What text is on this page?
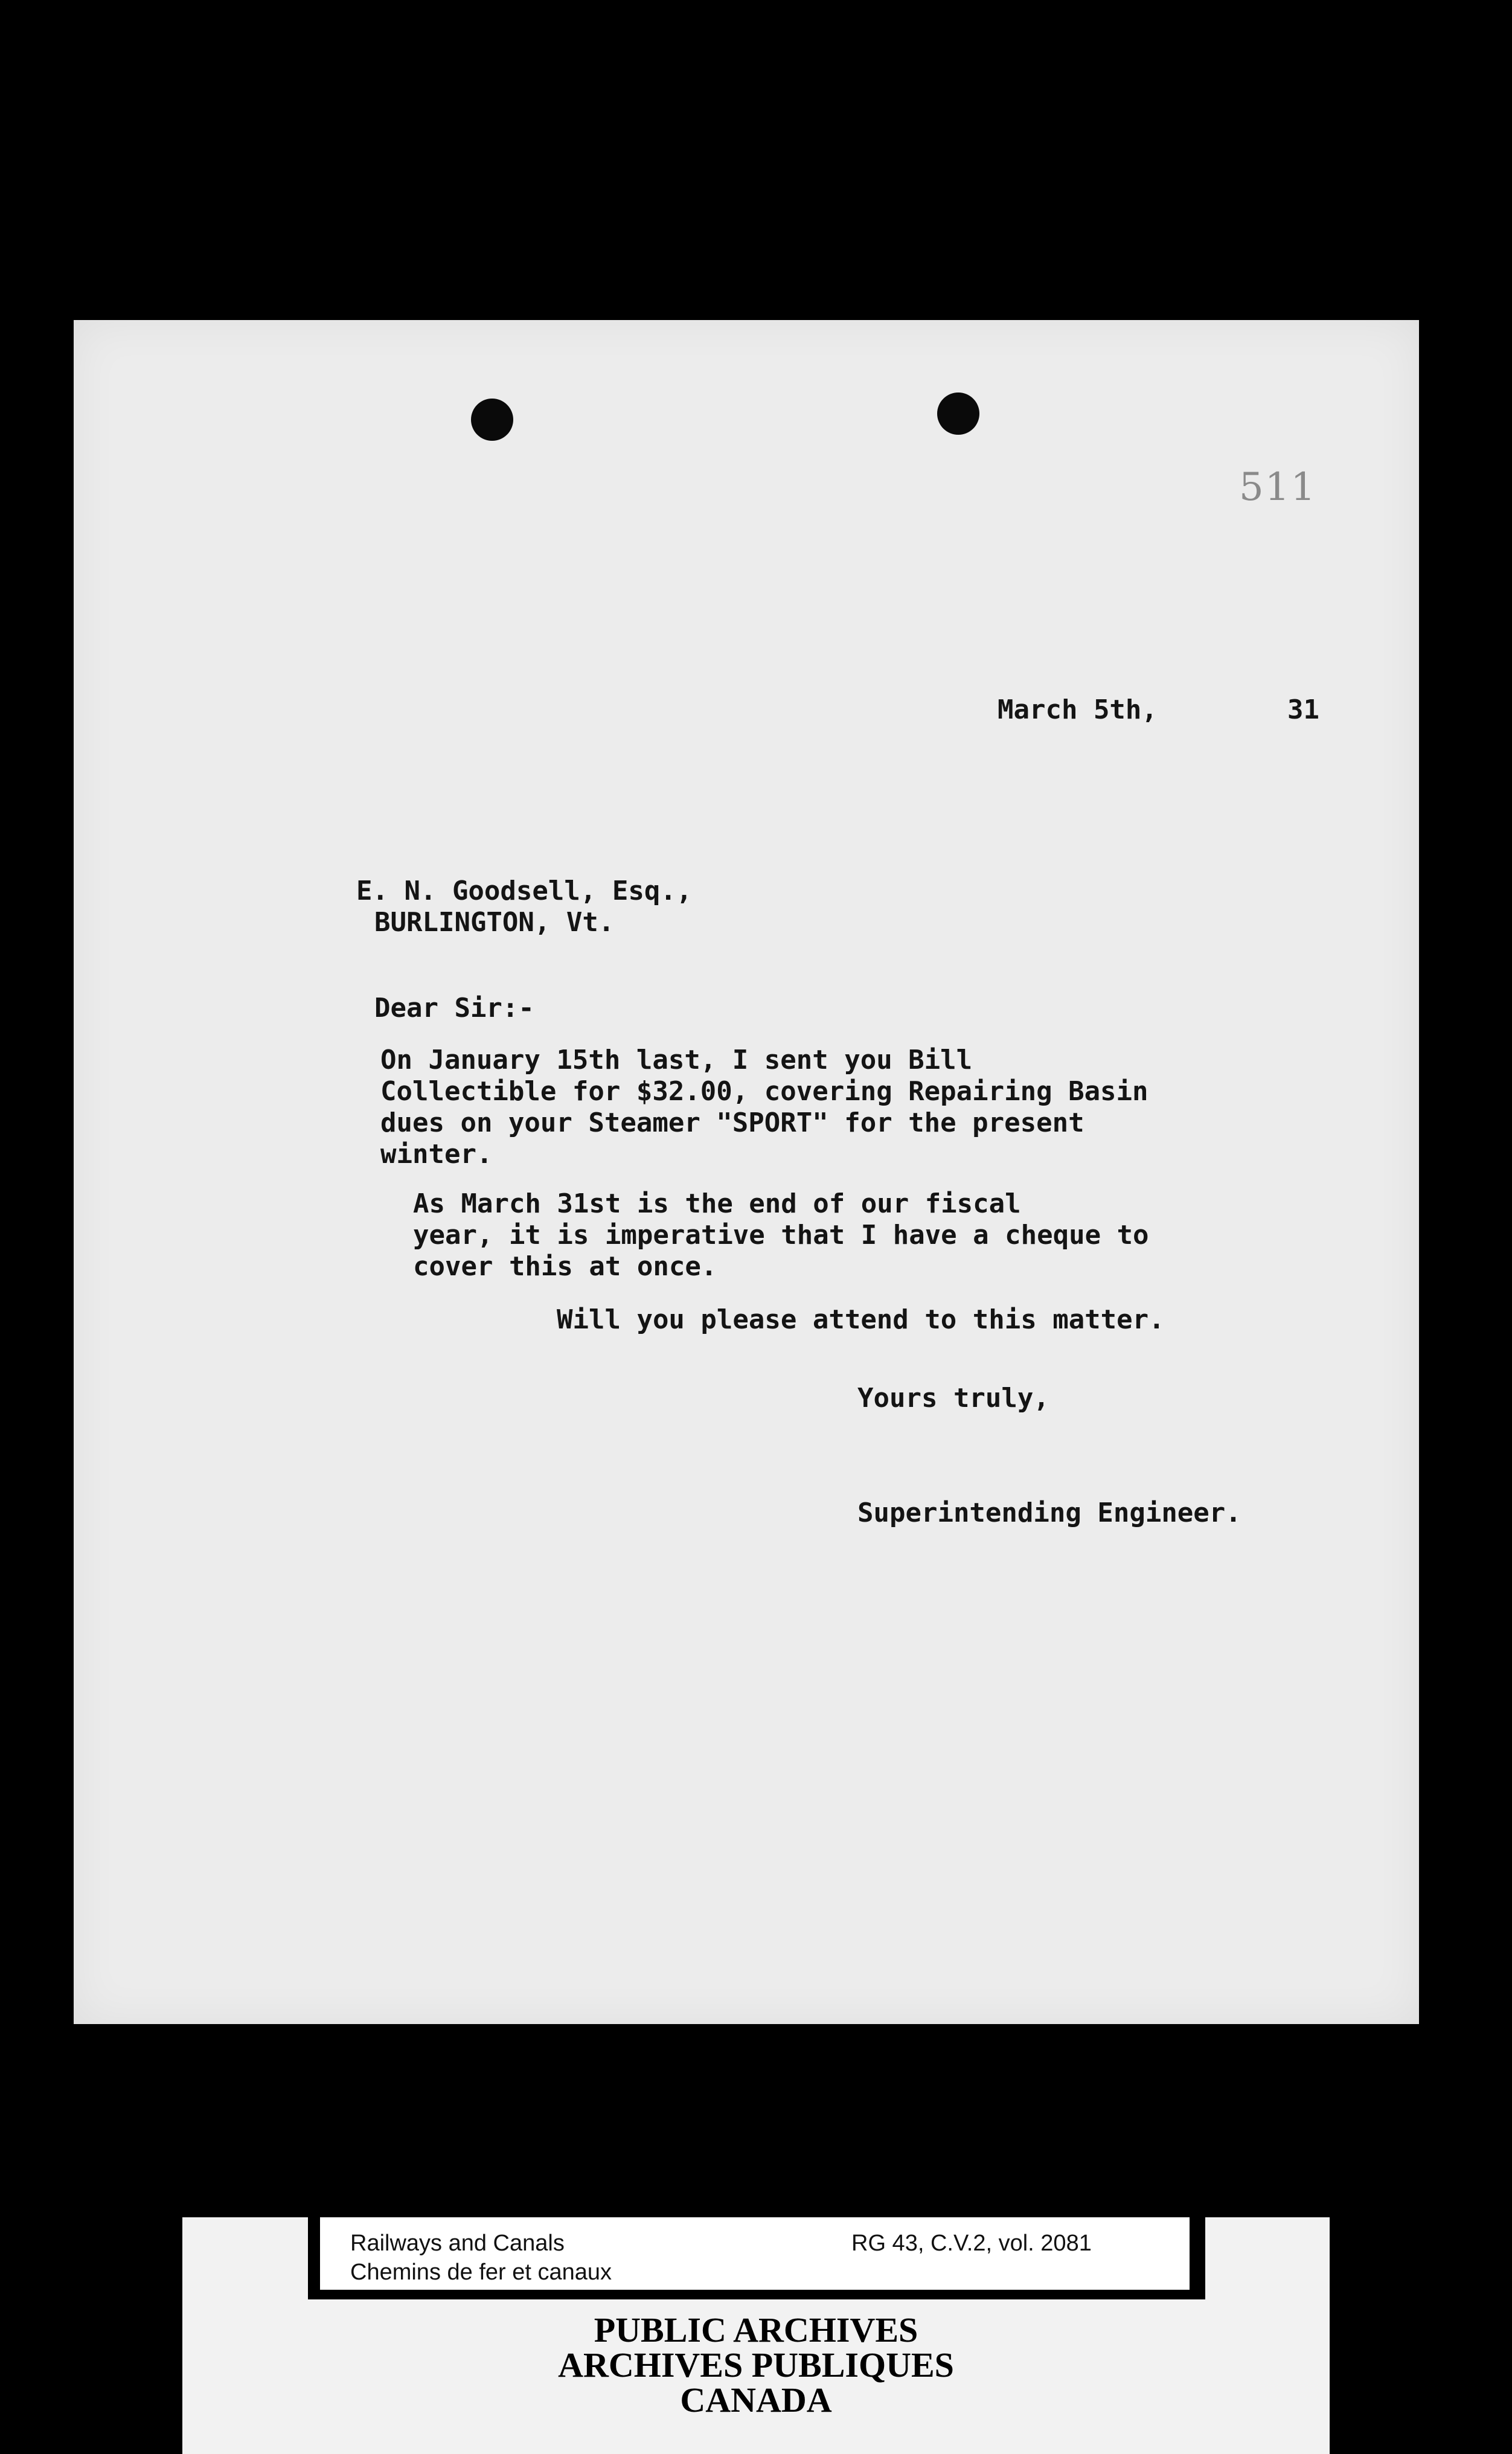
511
March 5th,	31
E. N. Goodsell, Esq.,
BURLINGTON, Vt.
Dear Sir:-
On January 15th last, I sent you Bill
Collectible for $32.00, covering Repairing Basin
dues on your Steamer "SPORT" for the present
winter.
As March 31st is the end of our fiscal
year, it is imperative that I have a cheque to
cover this at once.
Will you please attend to this matter.
Yours truly,
Superintending Engineer.
Railways and Canals
Chemins de fer et canaux
RG 43, C.V.2, vol. 2081
PUBLIC ARCHIVES
ARCHIVES PUBLIQUES
CANADA
